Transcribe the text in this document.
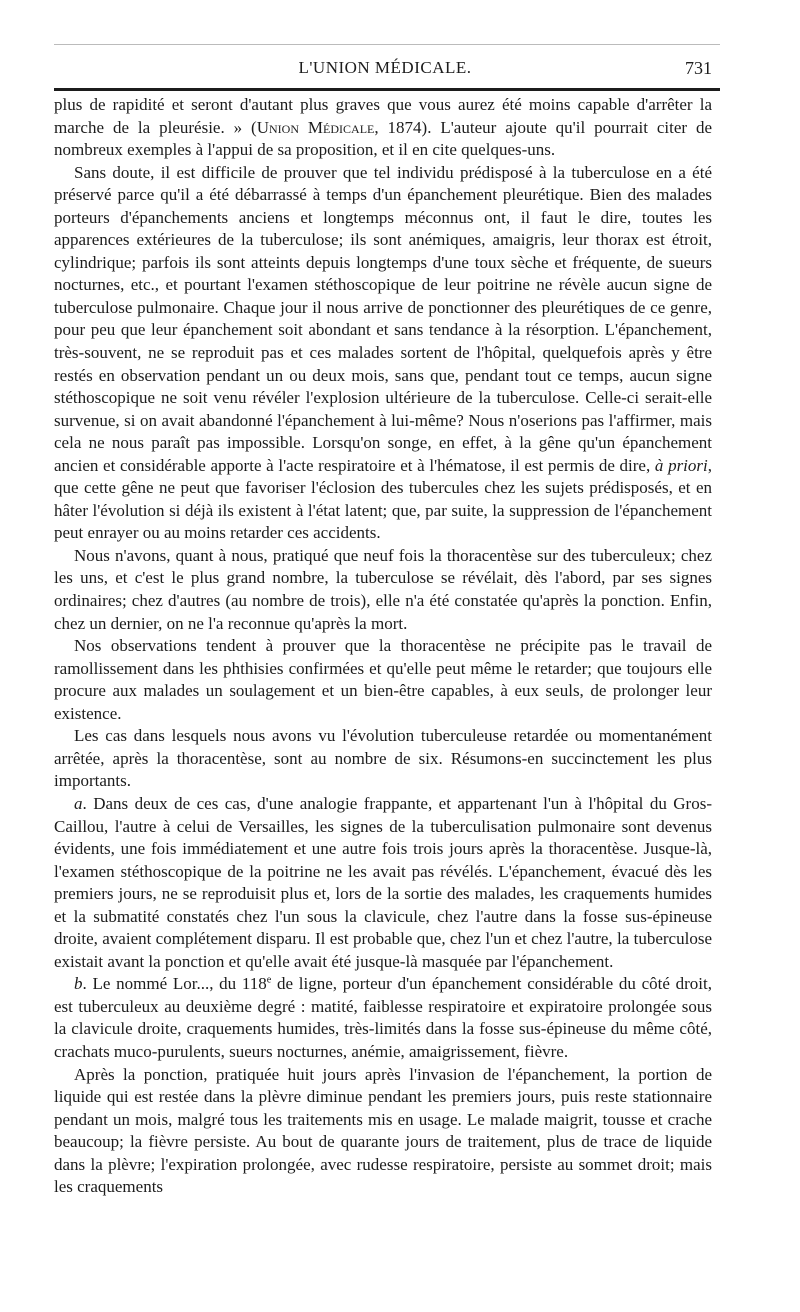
L'UNION MÉDICALE.	731

plus de rapidité et seront d'autant plus graves que vous aurez été moins capable d'arrêter la marche de la pleurésie. » (Union Médicale, 1874). L'auteur ajoute qu'il pourrait citer de nombreux exemples à l'appui de sa proposition, et il en cite quelques-uns.

Sans doute, il est difficile de prouver que tel individu prédisposé à la tuberculose en a été préservé parce qu'il a été débarrassé à temps d'un épanchement pleurétique. Bien des malades porteurs d'épanchements anciens et longtemps méconnus ont, il faut le dire, toutes les apparences extérieures de la tuberculose; ils sont anémiques, amaigris, leur thorax est étroit, cylindrique; parfois ils sont atteints depuis longtemps d'une toux sèche et fréquente, de sueurs nocturnes, etc., et pourtant l'examen stéthoscopique de leur poitrine ne révèle aucun signe de tuberculose pulmonaire. Chaque jour il nous arrive de ponctionner des pleurétiques de ce genre, pour peu que leur épanchement soit abondant et sans tendance à la résorption. L'épanchement, très-souvent, ne se reproduit pas et ces malades sortent de l'hôpital, quelquefois après y être restés en observation pendant un ou deux mois, sans que, pendant tout ce temps, aucun signe stéthoscopique ne soit venu révéler l'explosion ultérieure de la tuberculose. Celle-ci serait-elle survenue, si on avait abandonné l'épanchement à lui-même? Nous n'oserions pas l'affirmer, mais cela ne nous paraît pas impossible. Lorsqu'on songe, en effet, à la gêne qu'un épanchement ancien et considérable apporte à l'acte respiratoire et à l'hématose, il est permis de dire, à priori, que cette gêne ne peut que favoriser l'éclosion des tubercules chez les sujets prédisposés, et en hâter l'évolution si déjà ils existent à l'état latent; que, par suite, la suppression de l'épanchement peut enrayer ou au moins retarder ces accidents.

Nous n'avons, quant à nous, pratiqué que neuf fois la thoracentèse sur des tuberculeux; chez les uns, et c'est le plus grand nombre, la tuberculose se révélait, dès l'abord, par ses signes ordinaires; chez d'autres (au nombre de trois), elle n'a été constatée qu'après la ponction. Enfin, chez un dernier, on ne l'a reconnue qu'après la mort.

Nos observations tendent à prouver que la thoracentèse ne précipite pas le travail de ramollissement dans les phthisies confirmées et qu'elle peut même le retarder; que toujours elle procure aux malades un soulagement et un bien-être capables, à eux seuls, de prolonger leur existence.

Les cas dans lesquels nous avons vu l'évolution tuberculeuse retardée ou momentanément arrêtée, après la thoracentèse, sont au nombre de six. Résumons-en succinctement les plus importants.

a. Dans deux de ces cas, d'une analogie frappante, et appartenant l'un à l'hôpital du Gros-Caillou, l'autre à celui de Versailles, les signes de la tuberculisation pulmonaire sont devenus évidents, une fois immédiatement et une autre fois trois jours après la thoracentèse. Jusque-là, l'examen stéthoscopique de la poitrine ne les avait pas révélés. L'épanchement, évacué dès les premiers jours, ne se reproduisit plus et, lors de la sortie des malades, les craquements humides et la submatité constatés chez l'un sous la clavicule, chez l'autre dans la fosse sus-épineuse droite, avaient complétement disparu. Il est probable que, chez l'un et chez l'autre, la tuberculose existait avant la ponction et qu'elle avait été jusque-là masquée par l'épanchement.

b. Le nommé Lor..., du 118e de ligne, porteur d'un épanchement considérable du côté droit, est tuberculeux au deuxième degré : matité, faiblesse respiratoire et expiratoire prolongée sous la clavicule droite, craquements humides, très-limités dans la fosse sus-épineuse du même côté, crachats muco-purulents, sueurs nocturnes, anémie, amaigrissement, fièvre.

Après la ponction, pratiquée huit jours après l'invasion de l'épanchement, la portion de liquide qui est restée dans la plèvre diminue pendant les premiers jours, puis reste stationnaire pendant un mois, malgré tous les traitements mis en usage. Le malade maigrit, tousse et crache beaucoup; la fièvre persiste. Au bout de quarante jours de traitement, plus de trace de liquide dans la plèvre; l'expiration prolongée, avec rudesse respiratoire, persiste au sommet droit; mais les craquements
